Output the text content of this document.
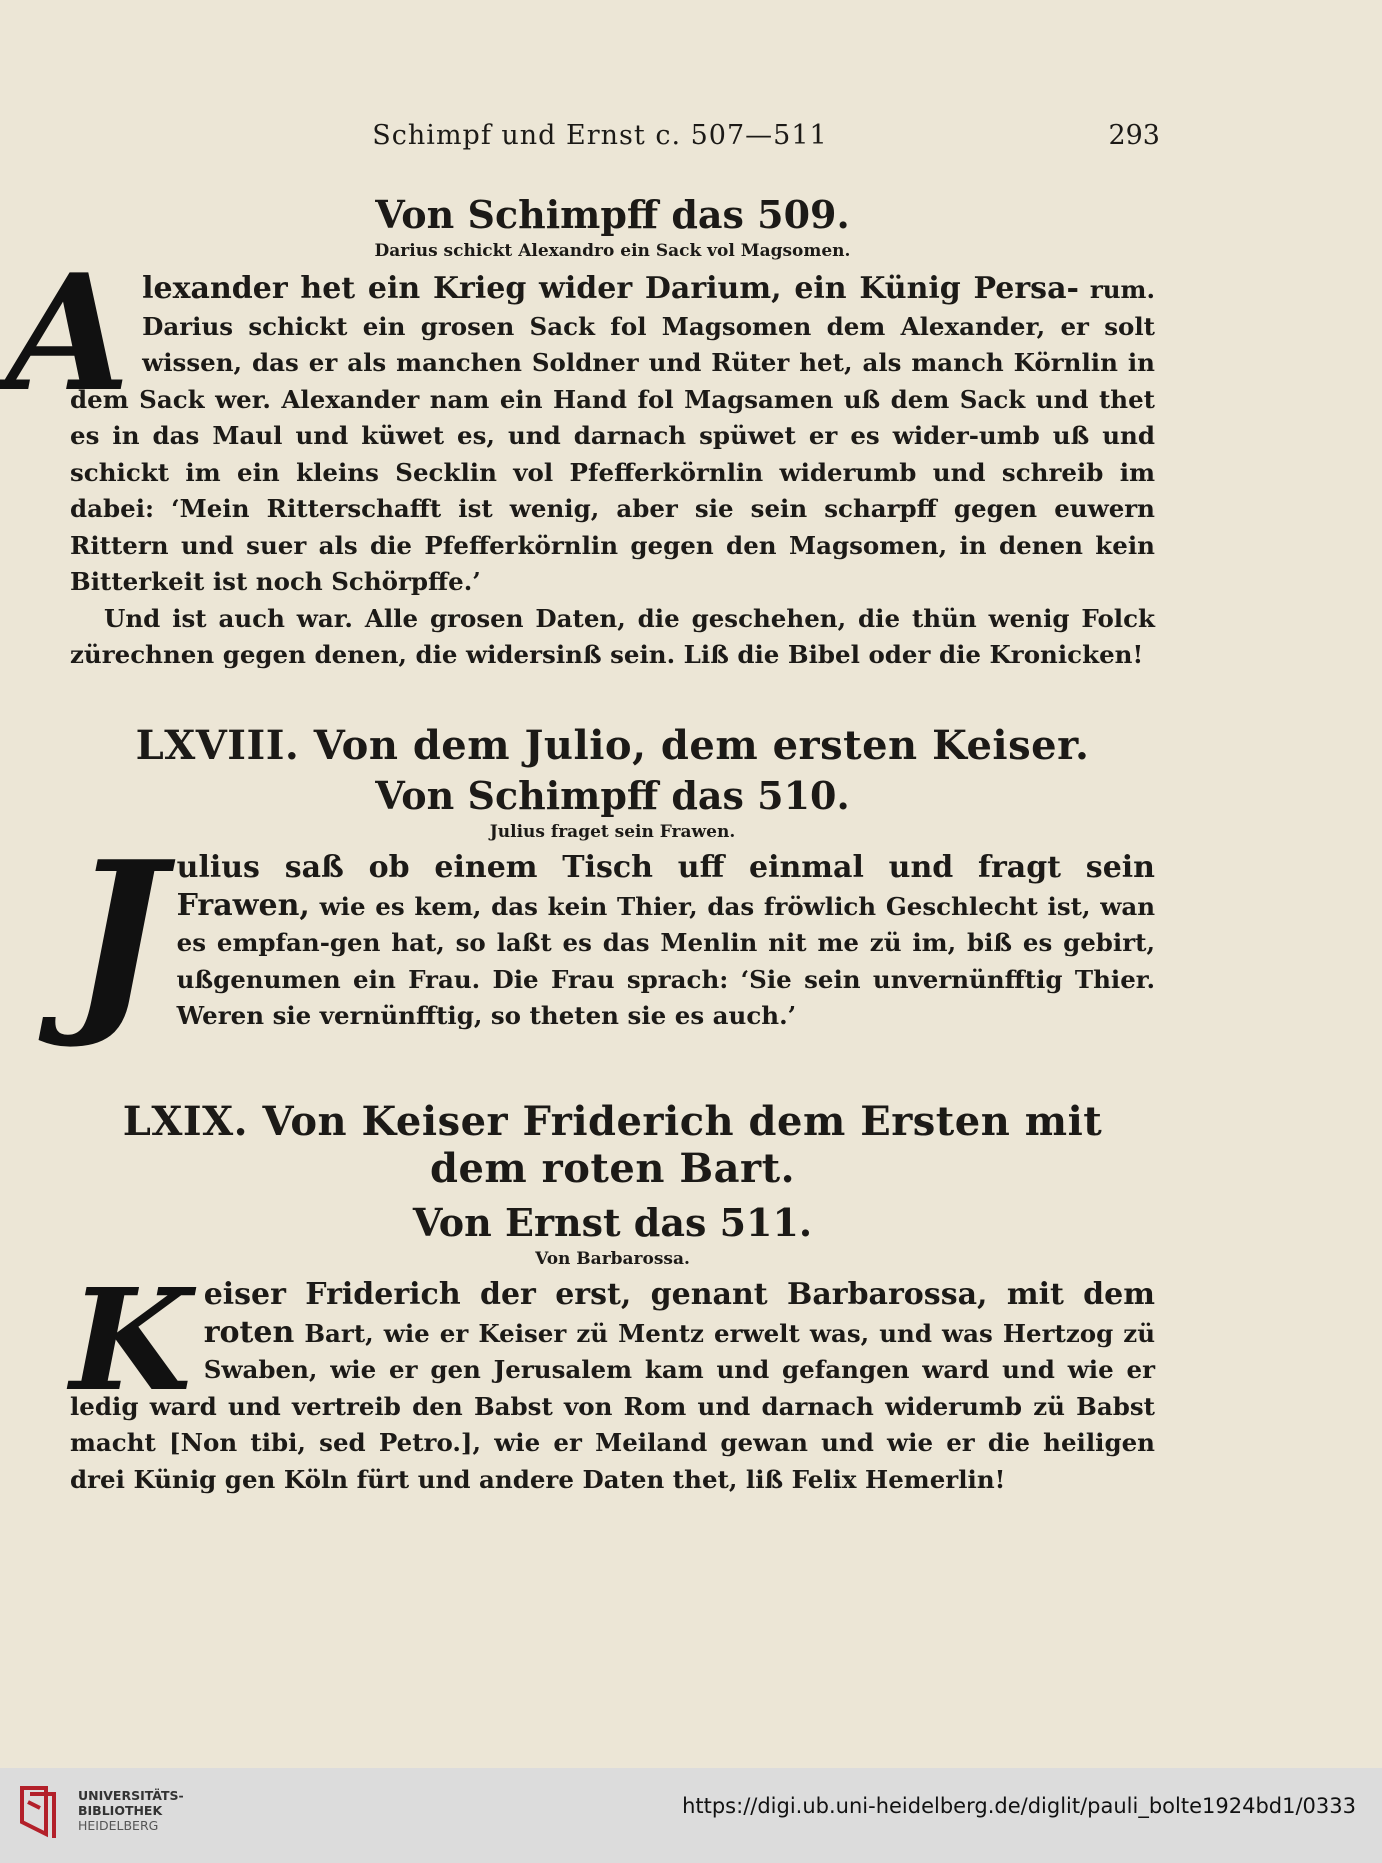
Schimpf und Ernst c. 507—511	293
Von Schimpff das 509.
Darius schickt Alexandro ein Sack vol Magsomen.
A lexander het ein Krieg wider Darium, ein Künig Persa- rum. Darius schickt ein grosen Sack fol Magsomen dem Alexander, er solt wissen, das er als manchen Soldner und Rüter het, als manch Körnlin in dem Sack wer. Alexander nam ein Hand fol Magsamen uß dem Sack und thet es in das Maul und küwet es, und darnach spüwet er es wider-umb uß und schickt im ein kleins Secklin vol Pfefferkörnlin widerumb und schreib im dabei: ‘Mein Ritterschafft ist wenig, aber sie sein scharpff gegen euwern Rittern und suer als die Pfefferkörnlin gegen den Magsomen, in denen kein Bitterkeit ist noch Schörpffe.’

Und ist auch war. Alle grosen Daten, die geschehen, die thün wenig Folck zürechnen gegen denen, die widersinß sein. Liß die Bibel oder die Kronicken!

LXVIII. Von dem Julio, dem ersten Keiser.
Von Schimpff das 510.
Julius fraget sein Frawen.
J ulius saß ob einem Tisch uff einmal und fragt sein Frawen, wie es kem, das kein Thier, das fröwlich Geschlecht ist, wan es empfan-gen hat, so laßt es das Menlin nit me zü im, biß es gebirt, ußgenumen ein Frau. Die Frau sprach: ‘Sie sein unvernünfftig Thier. Weren sie vernünfftig, so theten sie es auch.’

LXIX. Von Keiser Friderich dem Ersten mit dem roten Bart.
Von Ernst das 511.
Von Barbarossa.
K eiser Friderich der erst, genant Barbarossa, mit dem roten Bart, wie er Keiser zü Mentz erwelt was, und was Hertzog zü Swaben, wie er gen Jerusalem kam und gefangen ward und wie er ledig ward und vertreib den Babst von Rom und darnach widerumb zü Babst macht [Non tibi, sed Petro.], wie er Meiland gewan und wie er die heiligen drei Künig gen Köln fürt und andere Daten thet, liß Felix Hemerlin!

UNIVERSITÄTS-
BIBLIOTHEK
HEIDELBERG
https://digi.ub.uni-heidelberg.de/diglit/pauli_bolte1924bd1/0333
